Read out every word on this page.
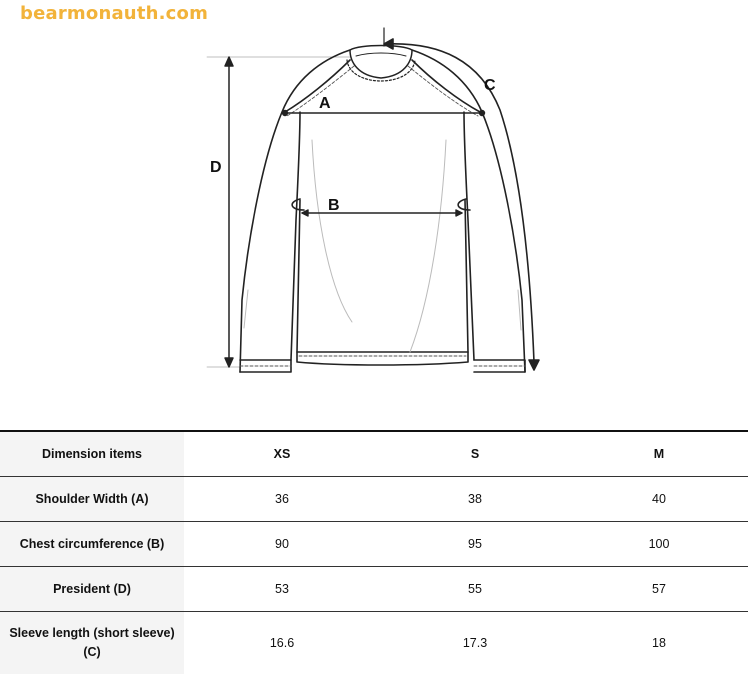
bearmonauth.com
A
B
C
D
Dimension items	XS	S	M
Shoulder Width (A)	36	38	40
Chest circumference (B)	90	95	100
President (D)	53	55	57
Sleeve length (short sleeve) (C)	16.6	17.3	18
